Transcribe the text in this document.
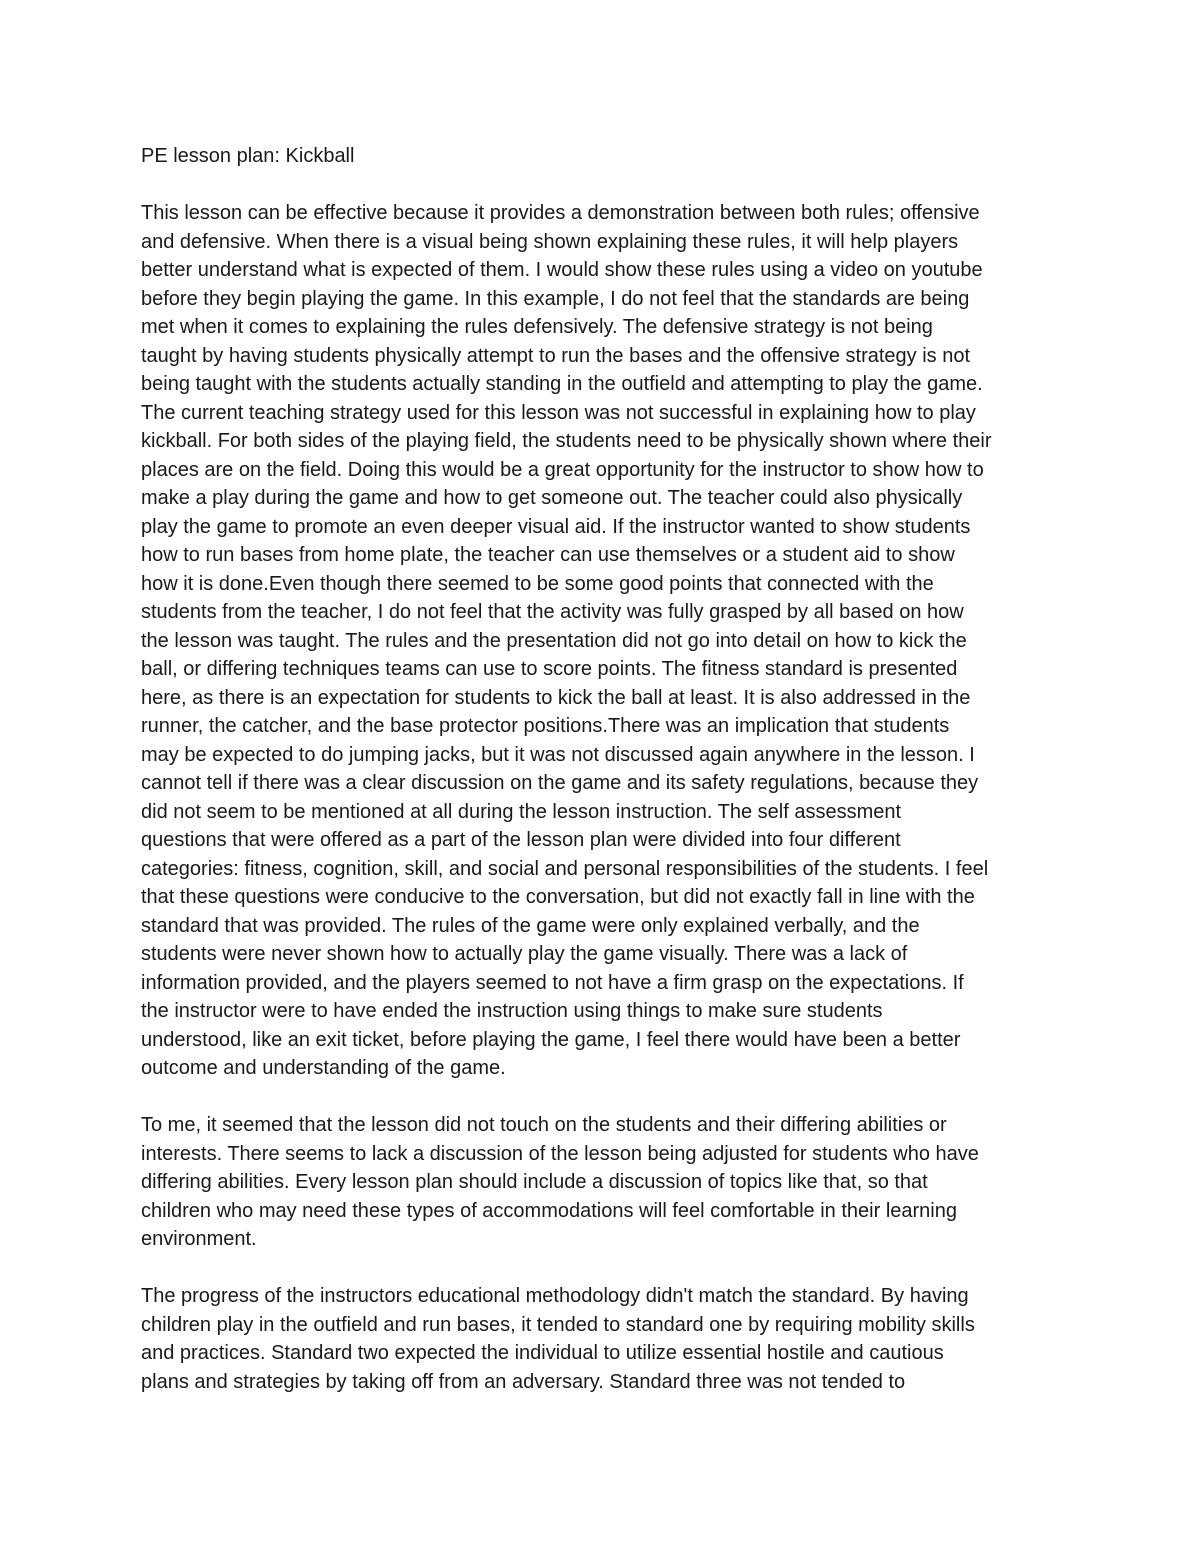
PE lesson plan: Kickball
This lesson can be effective because it provides a demonstration between both rules; offensive
and defensive. When there is a visual being shown explaining these rules, it will help players
better understand what is expected of them. I would show these rules using a video on youtube
before they begin playing the game. In this example, I do not feel that the standards are being
met when it comes to explaining the rules defensively. The defensive strategy is not being
taught by having students physically attempt to run the bases and the offensive strategy is not
being taught with the students actually standing in the outfield and attempting to play the game.
The current teaching strategy used for this lesson was not successful in explaining how to play
kickball. For both sides of the playing field, the students need to be physically shown where their
places are on the field. Doing this would be a great opportunity for the instructor to show how to
make a play during the game and how to get someone out. The teacher could also physically
play the game to promote an even deeper visual aid. If the instructor wanted to show students
how to run bases from home plate, the teacher can use themselves or a student aid to show
how it is done.Even though there seemed to be some good points that connected with the
students from the teacher, I do not feel that the activity was fully grasped by all based on how
the lesson was taught. The rules and the presentation did not go into detail on how to kick the
ball, or differing techniques teams can use to score points. The fitness standard is presented
here, as there is an expectation for students to kick the ball at least. It is also addressed in the
runner, the catcher, and the base protector positions.There was an implication that students
may be expected to do jumping jacks, but it was not discussed again anywhere in the lesson. I
cannot tell if there was a clear discussion on the game and its safety regulations, because they
did not seem to be mentioned at all during the lesson instruction. The self assessment
questions that were offered as a part of the lesson plan were divided into four different
categories: fitness, cognition, skill, and social and personal responsibilities of the students. I feel
that these questions were conducive to the conversation, but did not exactly fall in line with the
standard that was provided. The rules of the game were only explained verbally, and the
students were never shown how to actually play the game visually. There was a lack of
information provided, and the players seemed to not have a firm grasp on the expectations. If
the instructor were to have ended the instruction using things to make sure students
understood, like an exit ticket, before playing the game, I feel there would have been a better
outcome and understanding of the game.
To me, it seemed that the lesson did not touch on the students and their differing abilities or
interests. There seems to lack a discussion of the lesson being adjusted for students who have
differing abilities. Every lesson plan should include a discussion of topics like that, so that
children who may need these types of accommodations will feel comfortable in their learning
environment.
The progress of the instructors educational methodology didn't match the standard. By having
children play in the outfield and run bases, it tended to standard one by requiring mobility skills
and practices. Standard two expected the individual to utilize essential hostile and cautious
plans and strategies by taking off from an adversary. Standard three was not tended to
